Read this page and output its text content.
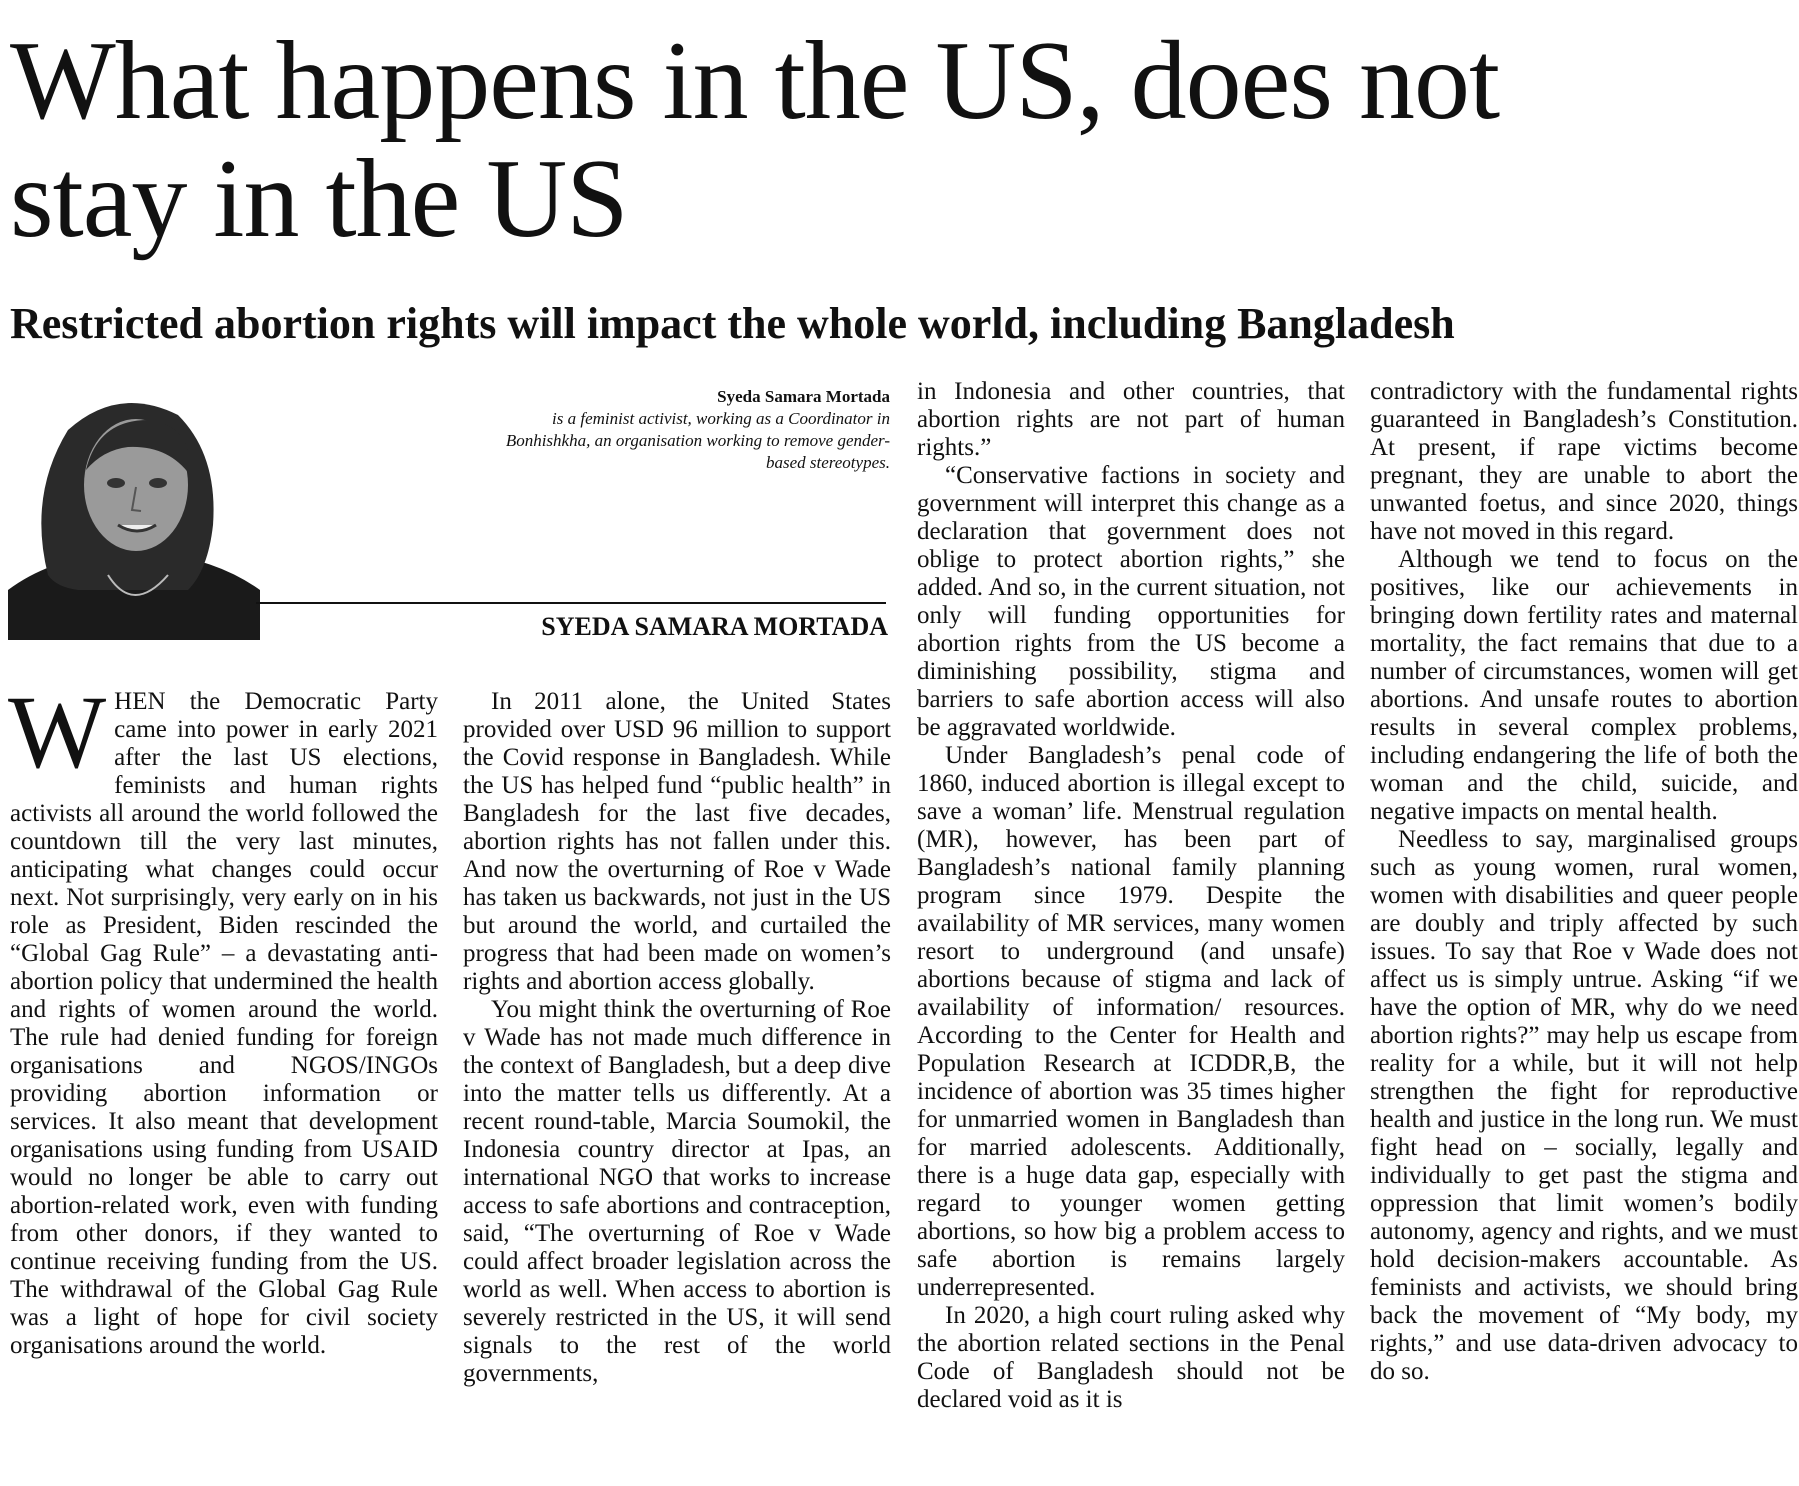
What happens in the US, does not stay in the US
Restricted abortion rights will impact the whole world, including Bangladesh
Syeda Samara Mortada
is a feminist activist, working as a Coordinator in Bonhishkha, an organisation working to remove gender-based stereotypes.
SYEDA SAMARA MORTADA

WHEN the Democratic Party came into power in early 2021 after the last US elections, feminists and human rights activists all around the world followed the countdown till the very last minutes, anticipating what changes could occur next. Not surprisingly, very early on in his role as President, Biden rescinded the “Global Gag Rule” – a devastating anti-abortion policy that undermined the health and rights of women around the world. The rule had denied funding for foreign organisations and NGOS/INGOs providing abortion information or services. It also meant that development organisations using funding from USAID would no longer be able to carry out abortion-related work, even with funding from other donors, if they wanted to continue receiving funding from the US. The withdrawal of the Global Gag Rule was a light of hope for civil society organisations around the world.

In 2011 alone, the United States provided over USD 96 million to support the Covid response in Bangladesh. While the US has helped fund “public health” in Bangladesh for the last five decades, abortion rights has not fallen under this. And now the overturning of Roe v Wade has taken us backwards, not just in the US but around the world, and curtailed the progress that had been made on women’s rights and abortion access globally.

You might think the overturning of Roe v Wade has not made much difference in the context of Bangladesh, but a deep dive into the matter tells us differently. At a recent round-table, Marcia Soumokil, the Indonesia country director at Ipas, an international NGO that works to increase access to safe abortions and contraception, said, “The overturning of Roe v Wade could affect broader legislation across the world as well. When access to abortion is severely restricted in the US, it will send signals to the rest of the world governments,

in Indonesia and other countries, that abortion rights are not part of human rights.”

“Conservative factions in society and government will interpret this change as a declaration that government does not oblige to protect abortion rights,” she added. And so, in the current situation, not only will funding opportunities for abortion rights from the US become a diminishing possibility, stigma and barriers to safe abortion access will also be aggravated worldwide.

Under Bangladesh’s penal code of 1860, induced abortion is illegal except to save a woman’ life. Menstrual regulation (MR), however, has been part of Bangladesh’s national family planning program since 1979. Despite the availability of MR services, many women resort to underground (and unsafe) abortions because of stigma and lack of availability of information/ resources. According to the Center for Health and Population Research at ICDDR,B, the incidence of abortion was 35 times higher for unmarried women in Bangladesh than for married adolescents. Additionally, there is a huge data gap, especially with regard to younger women getting abortions, so how big a problem access to safe abortion is remains largely underrepresented.

In 2020, a high court ruling asked why the abortion related sections in the Penal Code of Bangladesh should not be declared void as it is

contradictory with the fundamental rights guaranteed in Bangladesh’s Constitution. At present, if rape victims become pregnant, they are unable to abort the unwanted foetus, and since 2020, things have not moved in this regard.

Although we tend to focus on the positives, like our achievements in bringing down fertility rates and maternal mortality, the fact remains that due to a number of circumstances, women will get abortions. And unsafe routes to abortion results in several complex problems, including endangering the life of both the woman and the child, suicide, and negative impacts on mental health.

Needless to say, marginalised groups such as young women, rural women, women with disabilities and queer people are doubly and triply affected by such issues. To say that Roe v Wade does not affect us is simply untrue. Asking “if we have the option of MR, why do we need abortion rights?” may help us escape from reality for a while, but it will not help strengthen the fight for reproductive health and justice in the long run. We must fight head on – socially, legally and individually to get past the stigma and oppression that limit women’s bodily autonomy, agency and rights, and we must hold decision-makers accountable. As feminists and activists, we should bring back the movement of “My body, my rights,” and use data-driven advocacy to do so.
